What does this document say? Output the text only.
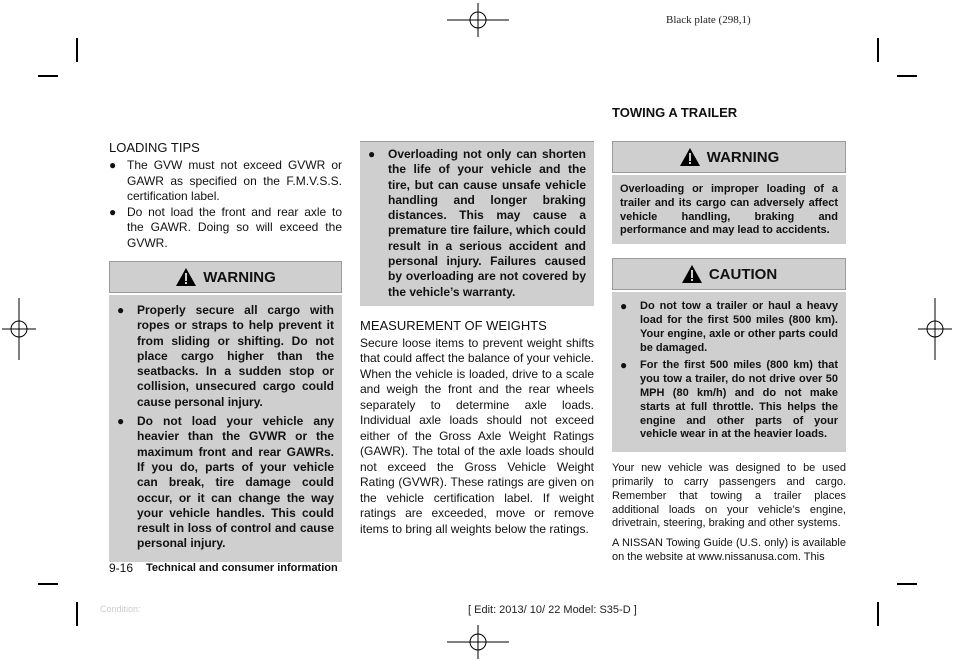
Black plate (298,1)
LOADING TIPS
● The GVW must not exceed GVWR or GAWR as specified on the F.M.V.S.S. certification label.
● Do not load the front and rear axle to the GAWR. Doing so will exceed the GVWR.
WARNING
● Properly secure all cargo with ropes or straps to help prevent it from sliding or shifting. Do not place cargo higher than the seatbacks. In a sudden stop or collision, unsecured cargo could cause personal injury.
● Do not load your vehicle any heavier than the GVWR or the maximum front and rear GAWRs. If you do, parts of your vehicle can break, tire damage could occur, or it can change the way your vehicle handles. This could result in loss of control and cause personal injury.
● Overloading not only can shorten the life of your vehicle and the tire, but can cause unsafe vehicle handling and longer braking distances. This may cause a premature tire failure, which could result in a serious accident and personal injury. Failures caused by overloading are not covered by the vehicle’s warranty.
MEASUREMENT OF WEIGHTS
Secure loose items to prevent weight shifts that could affect the balance of your vehicle. When the vehicle is loaded, drive to a scale and weigh the front and the rear wheels separately to determine axle loads. Individual axle loads should not exceed either of the Gross Axle Weight Ratings (GAWR). The total of the axle loads should not exceed the Gross Vehicle Weight Rating (GVWR). These ratings are given on the vehicle certification label. If weight ratings are exceeded, move or remove items to bring all weights below the ratings.
TOWING A TRAILER
WARNING

Overloading or improper loading of a trailer and its cargo can adversely affect vehicle handling, braking and performance and may lead to accidents.

CAUTION
● Do not tow a trailer or haul a heavy load for the first 500 miles (800 km). Your engine, axle or other parts could be damaged.
● For the first 500 miles (800 km) that you tow a trailer, do not drive over 50 MPH (80 km/h) and do not make starts at full throttle. This helps the engine and other parts of your vehicle wear in at the heavier loads.

Your new vehicle was designed to be used primarily to carry passengers and cargo. Remember that towing a trailer places additional loads on your vehicle’s engine, drivetrain, steering, braking and other systems.

A NISSAN Towing Guide (U.S. only) is available on the website at www.nissanusa.com. This

9-16 Technical and consumer information
Condition:	[ Edit: 2013/ 10/ 22 Model: S35-D ]
